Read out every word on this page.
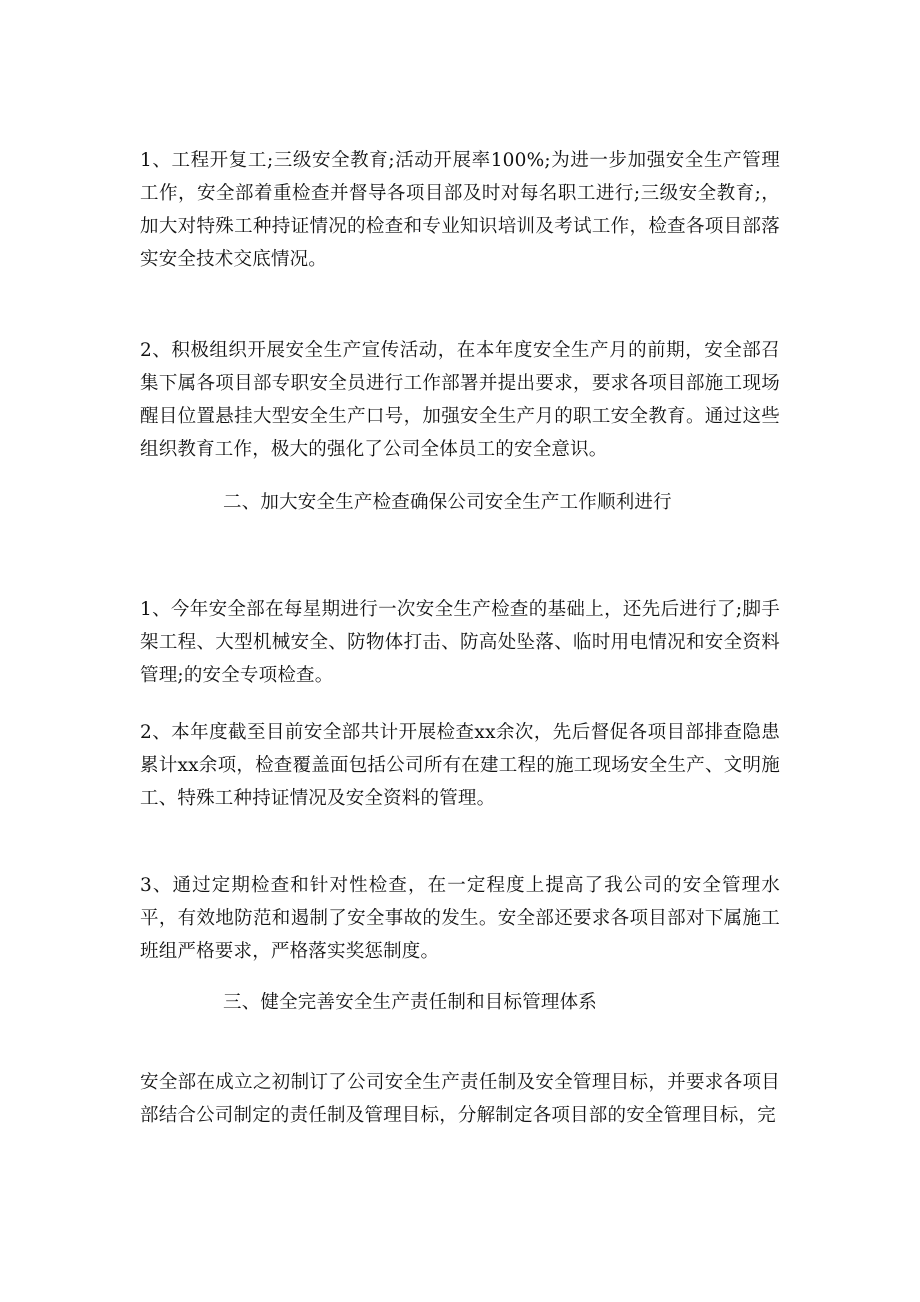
1、工程开复工;三级安全教育;活动开展率100%;为进一步加强安全生产管理工作，安全部着重检查并督导各项目部及时对每名职工进行;三级安全教育;，加大对特殊工种持证情况的检查和专业知识培训及考试工作，检查各项目部落实安全技术交底情况。

2、积极组织开展安全生产宣传活动，在本年度安全生产月的前期，安全部召集下属各项目部专职安全员进行工作部署并提出要求，要求各项目部施工现场醒目位置悬挂大型安全生产口号，加强安全生产月的职工安全教育。通过这些组织教育工作，极大的强化了公司全体员工的安全意识。

二、加大安全生产检查确保公司安全生产工作顺利进行

1、今年安全部在每星期进行一次安全生产检查的基础上，还先后进行了;脚手架工程、大型机械安全、防物体打击、防高处坠落、临时用电情况和安全资料管理;的安全专项检查。

2、本年度截至目前安全部共计开展检查xx余次，先后督促各项目部排查隐患累计xx余项，检查覆盖面包括公司所有在建工程的施工现场安全生产、文明施工、特殊工种持证情况及安全资料的管理。

3、通过定期检查和针对性检查，在一定程度上提高了我公司的安全管理水平，有效地防范和遏制了安全事故的发生。安全部还要求各项目部对下属施工班组严格要求，严格落实奖惩制度。

三、健全完善安全生产责任制和目标管理体系

安全部在成立之初制订了公司安全生产责任制及安全管理目标，并要求各项目部结合公司制定的责任制及管理目标，分解制定各项目部的安全管理目标，完
